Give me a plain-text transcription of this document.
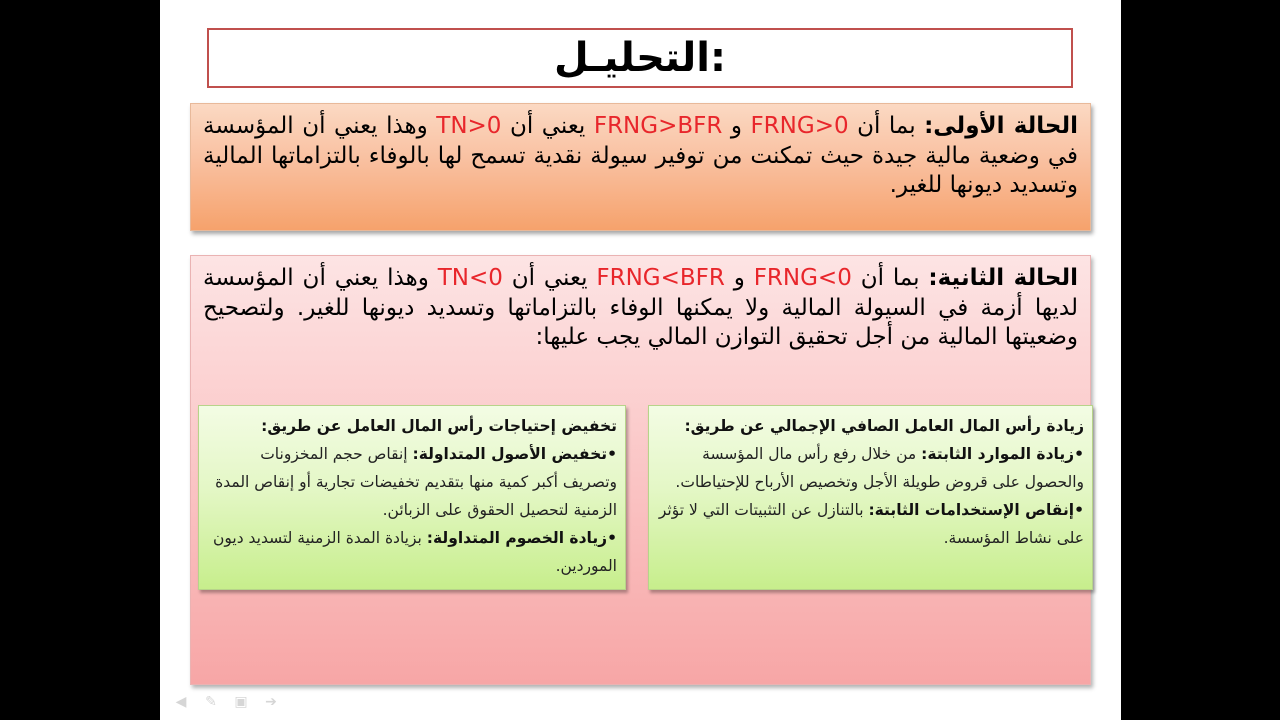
التحليـل:
الحالة الأولى: بما أن FRNG>0 و FRNG>BFR يعني أن TN>0 وهذا يعني أن المؤسسة في وضعية مالية جيدة حيث تمكنت من توفير سيولة نقدية تسمح لها بالوفاء بالتزاماتها المالية وتسديد ديونها للغير.
الحالة الثانية: بما أن FRNG<0 و FRNG<BFR يعني أن TN<0 وهذا يعني أن المؤسسة لديها أزمة في السيولة المالية ولا يمكنها الوفاء بالتزاماتها وتسديد ديونها للغير. ولتصحيح وضعيتها المالية من أجل تحقيق التوازن المالي يجب عليها:
زيادة رأس المال العامل الصافي الإجمالي عن طريق:
•زيادة الموارد الثابتة: من خلال رفع رأس مال المؤسسة والحصول على قروض طويلة الأجل وتخصيص الأرباح للإحتياطات.
•إنقاص الإستخدامات الثابتة: بالتنازل عن التثبيتات التي لا تؤثر على نشاط المؤسسة.
تخفيض إحتياجات رأس المال العامل عن طريق:
•تخفيض الأصول المتداولة: إنقاص حجم المخزونات وتصريف أكبر كمية منها بتقديم تخفيضات تجارية أو إنقاص المدة الزمنية لتحصيل الحقوق على الزبائن.
•زيادة الخصوم المتداولة: بزيادة المدة الزمنية لتسديد ديون الموردين.
◀	✎	▣	➔
